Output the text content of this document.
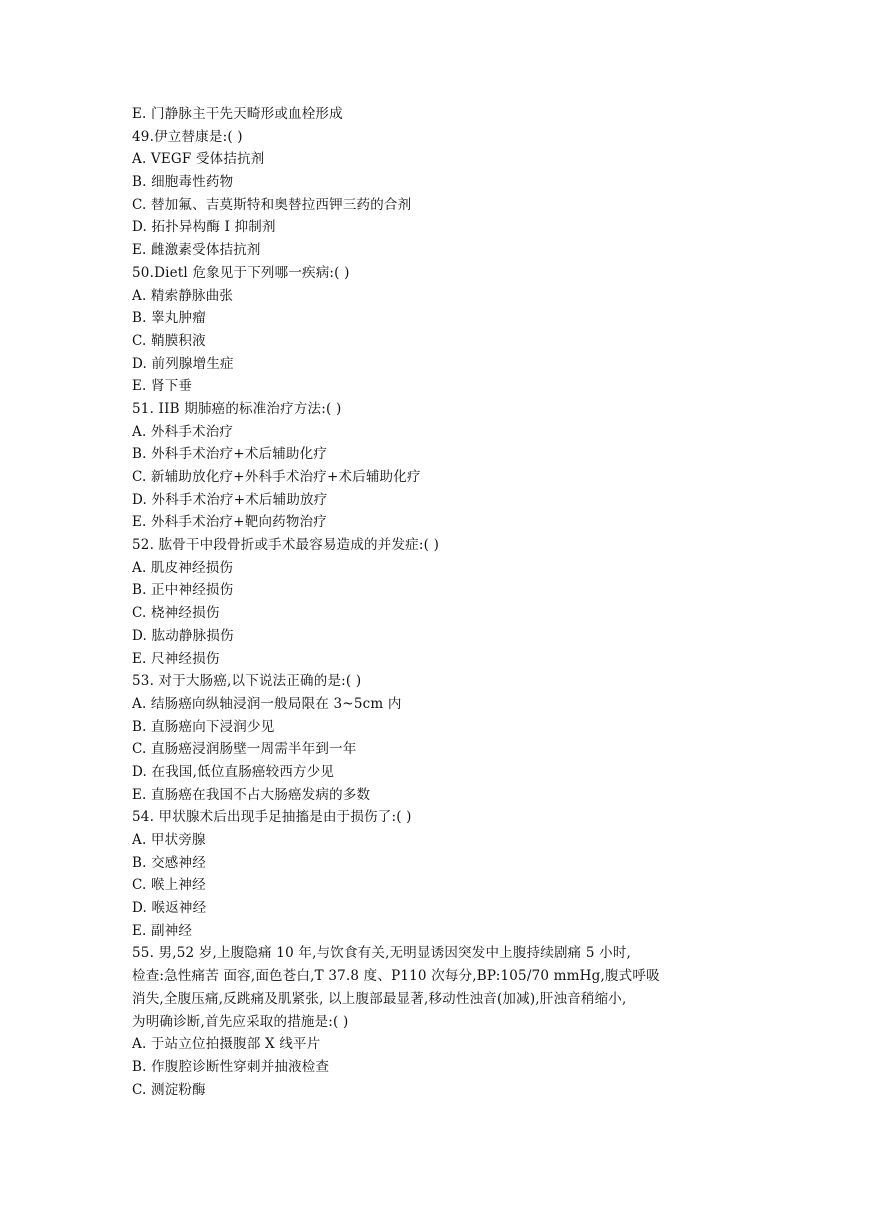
E. 门静脉主干先天畸形或血栓形成
49.伊立替康是:( )
A. VEGF 受体拮抗剂
B. 细胞毒性药物
C. 替加氟、吉莫斯特和奥替拉西钾三药的合剂
D. 拓扑异构酶 I 抑制剂
E. 雌激素受体拮抗剂
50.Dietl 危象见于下列哪一疾病:( )
A. 精索静脉曲张
B. 睾丸肿瘤
C. 鞘膜积液
D. 前列腺增生症
E. 肾下垂
51. IIB 期肺癌的标准治疗方法:( )
A. 外科手术治疗
B. 外科手术治疗+术后辅助化疗
C. 新辅助放化疗+外科手术治疗+术后辅助化疗
D. 外科手术治疗+术后辅助放疗
E. 外科手术治疗+靶向药物治疗
52. 肱骨干中段骨折或手术最容易造成的并发症:( )
A. 肌皮神经损伤
B. 正中神经损伤
C. 桡神经损伤
D. 肱动静脉损伤
E. 尺神经损伤
53. 对于大肠癌,以下说法正确的是:( )
A. 结肠癌向纵轴浸润一般局限在 3~5cm 内
B. 直肠癌向下浸润少见
C. 直肠癌浸润肠壁一周需半年到一年
D. 在我国,低位直肠癌较西方少见
E. 直肠癌在我国不占大肠癌发病的多数
54. 甲状腺术后出现手足抽搐是由于损伤了:( )
A. 甲状旁腺
B. 交感神经
C. 喉上神经
D. 喉返神经
E. 副神经
55. 男,52 岁,上腹隐痛 10 年,与饮食有关,无明显诱因突发中上腹持续剧痛 5 小时,
检查:急性痛苦 面容,面色苍白,T 37.8 度、P110 次每分,BP:105/70 mmHg,腹式呼吸
消失,全腹压痛,反跳痛及肌紧张, 以上腹部最显著,移动性浊音(加减),肝浊音稍缩小,
为明确诊断,首先应采取的措施是:( )
A. 于站立位拍摄腹部 X 线平片
B. 作腹腔诊断性穿刺并抽液检查
C. 测淀粉酶
